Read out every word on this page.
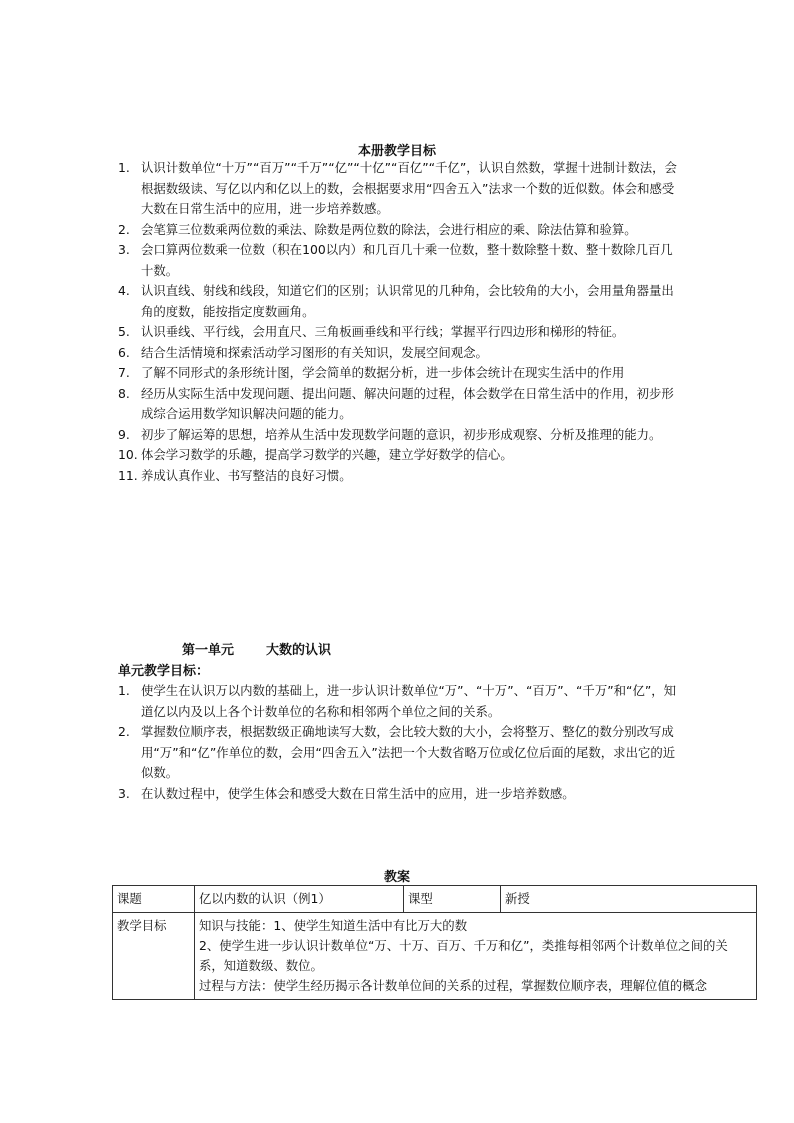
本册教学目标
1. 认识计数单位“十万”“百万”“千万”“亿”“十亿”“百亿”“千亿”，认识自然数，掌握十进制计数法，会根据数级读、写亿以内和亿以上的数，会根据要求用“四舍五入”法求一个数的近似数。体会和感受大数在日常生活中的应用，进一步培养数感。
2. 会笔算三位数乘两位数的乘法、除数是两位数的除法，会进行相应的乘、除法估算和验算。
3. 会口算两位数乘一位数（积在100以内）和几百几十乘一位数，整十数除整十数、整十数除几百几十数。
4. 认识直线、射线和线段，知道它们的区别；认识常见的几种角，会比较角的大小，会用量角器量出角的度数，能按指定度数画角。
5. 认识垂线、平行线，会用直尺、三角板画垂线和平行线；掌握平行四边形和梯形的特征。
6. 结合生活情境和探索活动学习图形的有关知识，发展空间观念。
7. 了解不同形式的条形统计图，学会简单的数据分析，进一步体会统计在现实生活中的作用
8. 经历从实际生活中发现问题、提出问题、解决问题的过程，体会数学在日常生活中的作用，初步形成综合运用数学知识解决问题的能力。
9. 初步了解运筹的思想，培养从生活中发现数学问题的意识，初步形成观察、分析及推理的能力。
10. 体会学习数学的乐趣，提高学习数学的兴趣，建立学好数学的信心。
11. 养成认真作业、书写整洁的良好习惯。
第一单元 大数的认识
单元教学目标：
1. 使学生在认识万以内数的基础上，进一步认识计数单位“万”、“十万”、“百万”、“千万”和“亿”，知道亿以内及以上各个计数单位的名称和相邻两个单位之间的关系。
2. 掌握数位顺序表，根据数级正确地读写大数，会比较大数的大小，会将整万、整亿的数分别改写成用“万”和“亿”作单位的数，会用“四舍五入”法把一个大数省略万位或亿位后面的尾数，求出它的近似数。
3. 在认数过程中，使学生体会和感受大数在日常生活中的应用，进一步培养数感。
教案
课题	亿以内数的认识（例1）	课型	新授
教学目标	知识与技能：1、使学生知道生活中有比万大的数
2、使学生进一步认识计数单位“万、十万、百万、千万和亿”，类推每相邻两个计数单位之间的关系，知道数级、数位。
过程与方法：使学生经历揭示各计数单位间的关系的过程，掌握数位顺序表，理解位值的概念		
